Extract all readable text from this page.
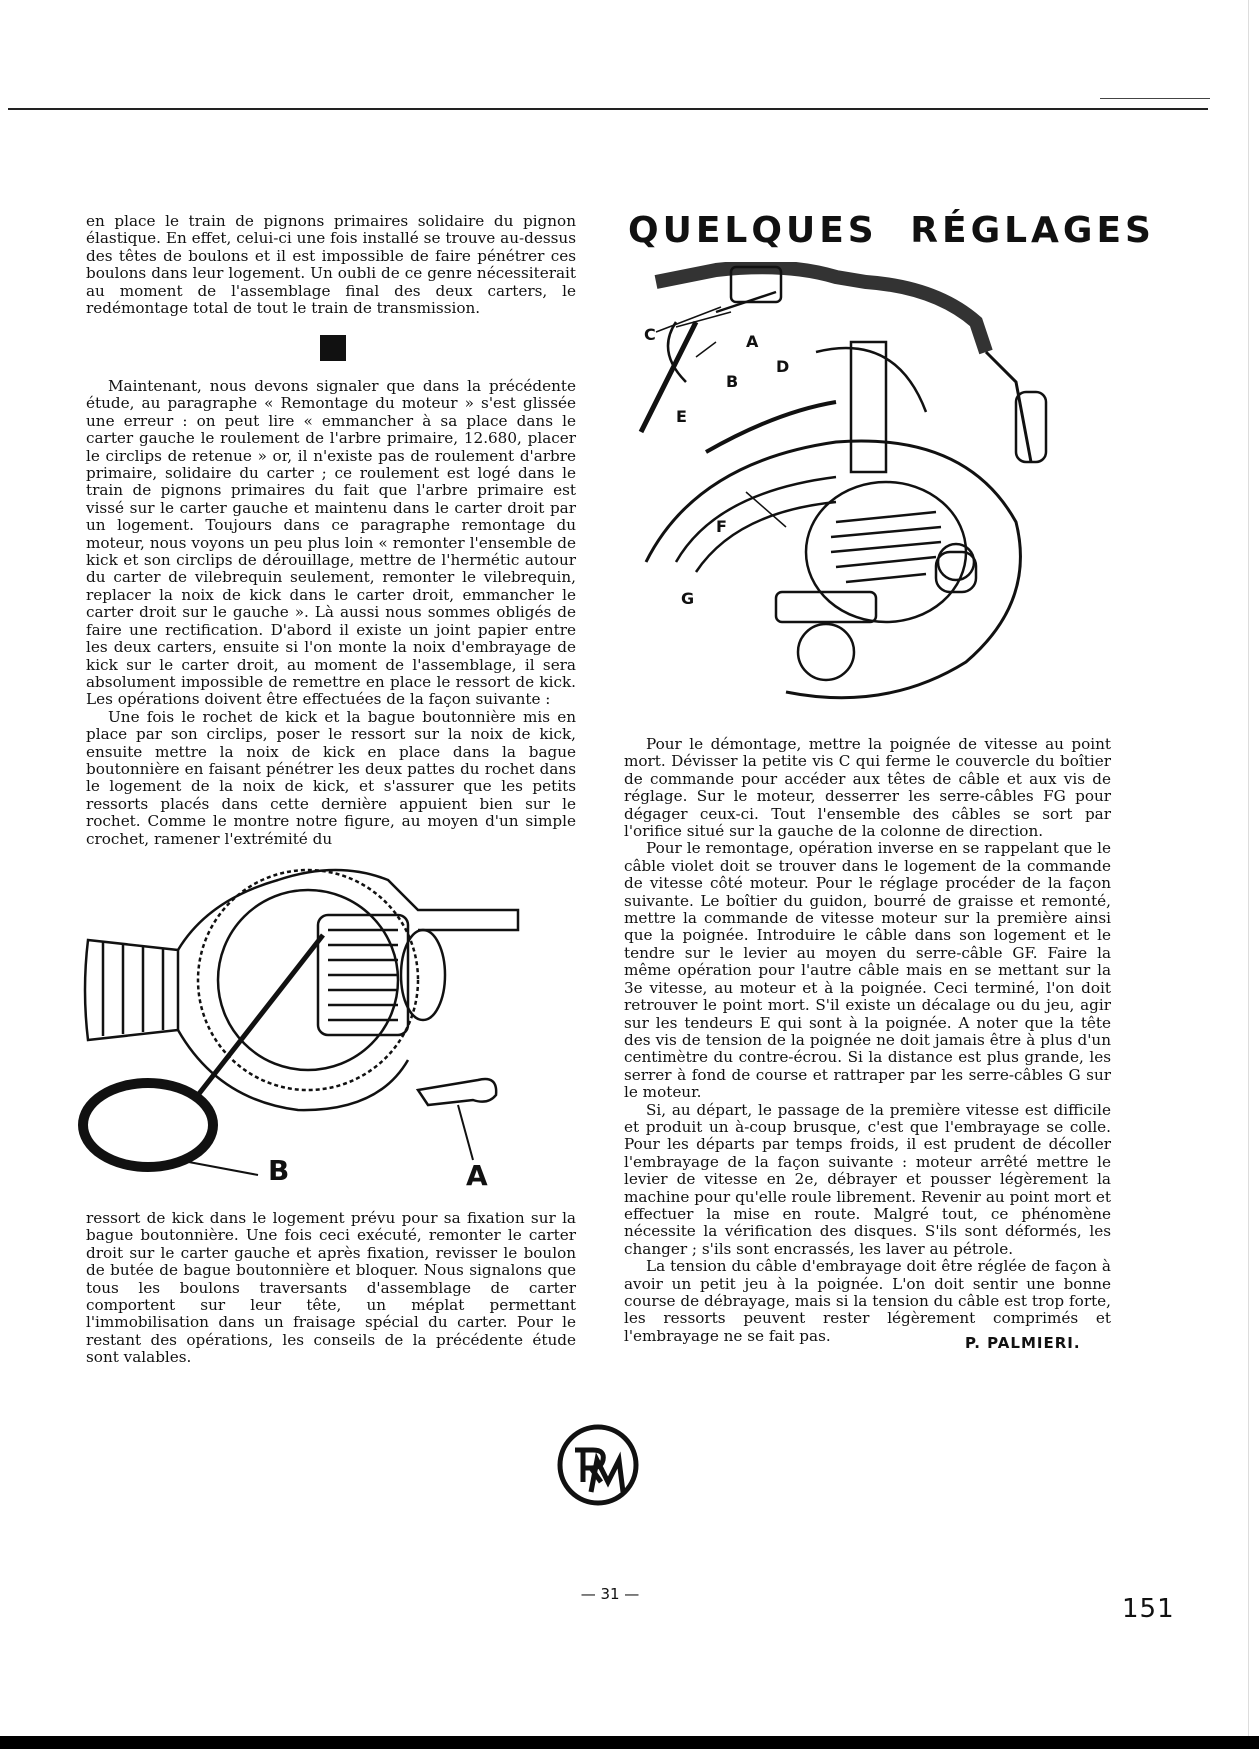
en place le train de pignons primaires solidaire du pignon élastique. En effet, celui-ci une fois installé se trouve au-dessus des têtes de boulons et il est impossible de faire pénétrer ces boulons dans leur logement. Un oubli de ce genre nécessiterait au moment de l'assemblage final des deux carters, le redémontage total de tout le train de transmission.

Maintenant, nous devons signaler que dans la précédente étude, au paragraphe « Remontage du moteur » s'est glissée une erreur : on peut lire « emmancher à sa place dans le carter gauche le roulement de l'arbre primaire, 12.680, placer le circlips de retenue » or, il n'existe pas de roulement d'arbre primaire, solidaire du carter ; ce roulement est logé dans le train de pignons primaires du fait que l'arbre primaire est vissé sur le carter gauche et maintenu dans le carter droit par un logement. Toujours dans ce paragraphe remontage du moteur, nous voyons un peu plus loin « remonter l'ensemble de kick et son circlips de dérouillage, mettre de l'hermétic autour du carter de vilebrequin seulement, remonter le vilebrequin, replacer la noix de kick dans le carter droit, emmancher le carter droit sur le gauche ». Là aussi nous sommes obligés de faire une rectification. D'abord il existe un joint papier entre les deux carters, ensuite si l'on monte la noix d'embrayage de kick sur le carter droit, au moment de l'assemblage, il sera absolument impossible de remettre en place le ressort de kick. Les opérations doivent être effectuées de la façon suivante :

Une fois le rochet de kick et la bague boutonnière mis en place par son circlips, poser le ressort sur la noix de kick, ensuite mettre la noix de kick en place dans la bague boutonnière en faisant pénétrer les deux pattes du rochet dans le logement de la noix de kick, et s'assurer que les petits ressorts placés dans cette dernière appuient bien sur le rochet. Comme le montre notre figure, au moyen d'un simple crochet, ramener l'extrémité du

B	A

ressort de kick dans le logement prévu pour sa fixation sur la bague boutonnière. Une fois ceci exécuté, remonter le carter droit sur le carter gauche et après fixation, revisser le boulon de butée de bague boutonnière et bloquer. Nous signalons que tous les boulons traversants d'assemblage de carter comportent sur leur tête, un méplat permettant l'immobilisation dans un fraisage spécial du carter. Pour le restant des opérations, les conseils de la précédente étude sont valables.

QUELQUES RÉGLAGES
C	A
D
B
E
F
G

Pour le démontage, mettre la poignée de vitesse au point mort. Dévisser la petite vis C qui ferme le couvercle du boîtier de commande pour accéder aux têtes de câble et aux vis de réglage. Sur le moteur, desserrer les serre-câbles FG pour dégager ceux-ci. Tout l'ensemble des câbles se sort par l'orifice situé sur la gauche de la colonne de direction.

Pour le remontage, opération inverse en se rappelant que le câble violet doit se trouver dans le logement de la commande de vitesse côté moteur. Pour le réglage procéder de la façon suivante. Le boîtier du guidon, bourré de graisse et remonté, mettre la commande de vitesse moteur sur la première ainsi que la poignée. Introduire le câble dans son logement et le tendre sur le levier au moyen du serre-câble GF. Faire la même opération pour l'autre câble mais en se mettant sur la 3e vitesse, au moteur et à la poignée. Ceci terminé, l'on doit retrouver le point mort. S'il existe un décalage ou du jeu, agir sur les tendeurs E qui sont à la poignée. A noter que la tête des vis de tension de la poignée ne doit jamais être à plus d'un centimètre du contre-écrou. Si la distance est plus grande, les serrer à fond de course et rattraper par les serre-câbles G sur le moteur.

Si, au départ, le passage de la première vitesse est difficile et produit un à-coup brusque, c'est que l'embrayage se colle. Pour les départs par temps froids, il est prudent de décoller l'embrayage de la façon suivante : moteur arrêté mettre le levier de vitesse en 2e, débrayer et pousser légèrement la machine pour qu'elle roule librement. Revenir au point mort et effectuer la mise en route. Malgré tout, ce phénomène nécessite la vérification des disques. S'ils sont déformés, les changer ; s'ils sont encrassés, les laver au pétrole.

La tension du câble d'embrayage doit être réglée de façon à avoir un petit jeu à la poignée. L'on doit sentir une bonne course de débrayage, mais si la tension du câble est trop forte, les ressorts peuvent rester légèrement comprimés et l'embrayage ne se fait pas.	P. PALMIERI.
— 31 —	151
